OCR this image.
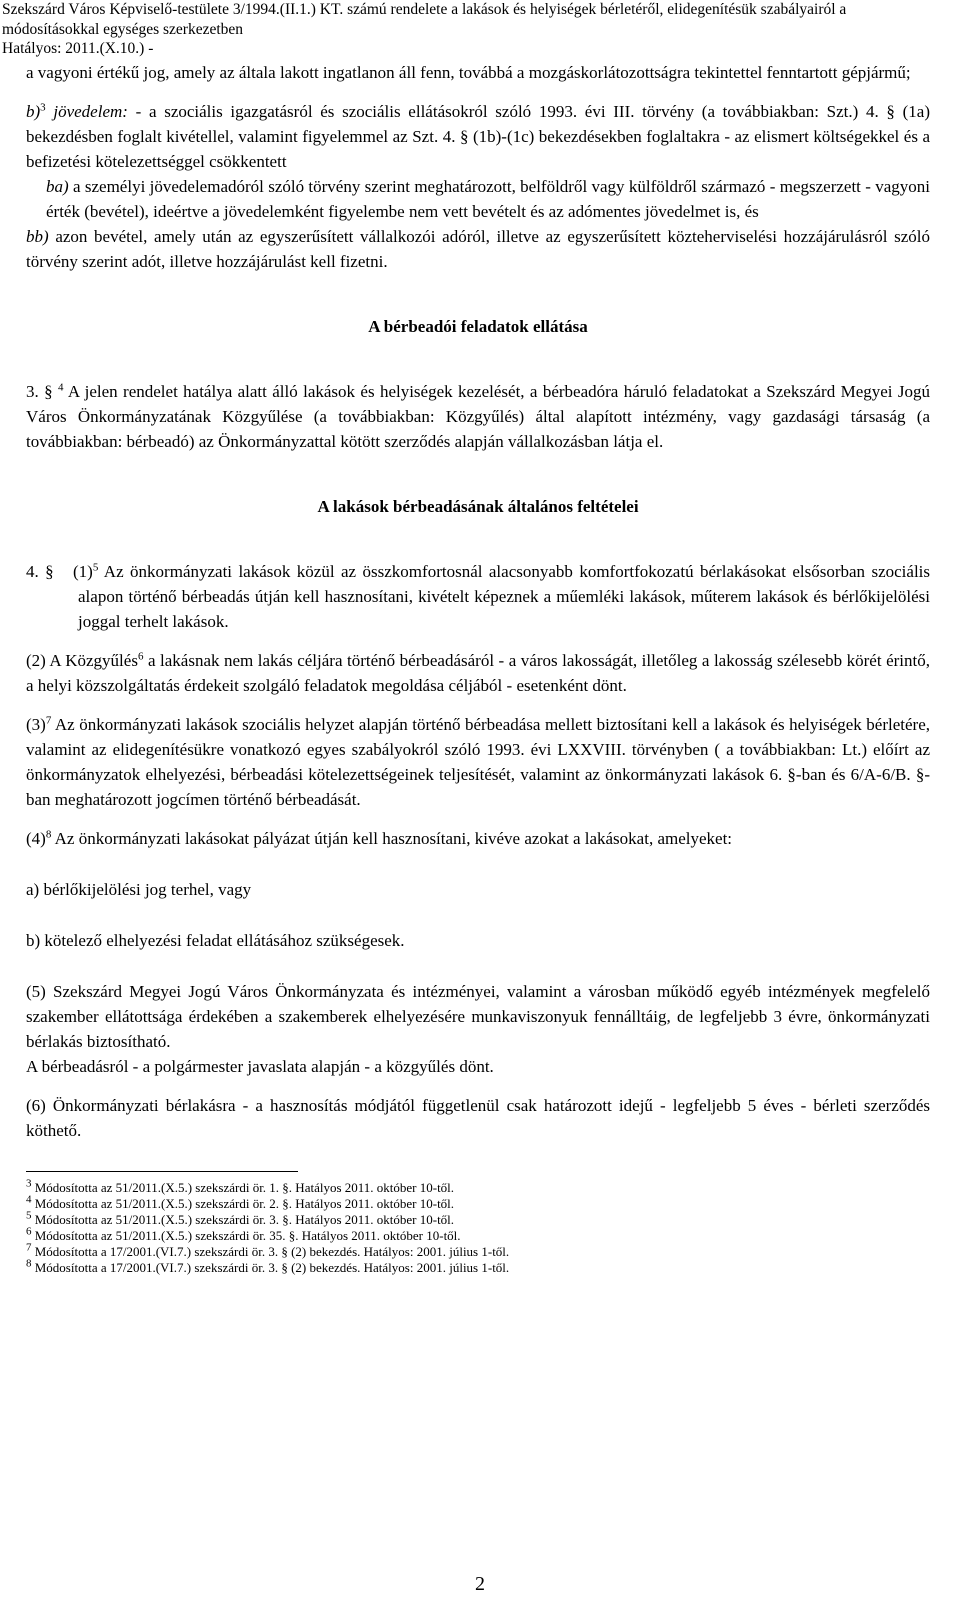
Szekszárd Város Képviselő-testülete 3/1994.(II.1.) KT. számú rendelete a lakások és helyiségek bérletéről, elidegenítésük szabályairól a
módosításokkal egységes szerkezetben
Hatályos: 2011.(X.10.) -

a vagyoni értékű jog, amely az általa lakott ingatlanon áll fenn, továbbá a mozgáskorlátozottságra tekintettel fenntartott gépjármű;

b)$^3$ jövedelem: - a szociális igazgatásról és szociális ellátásokról szóló 1993. évi III. törvény (a továbbiakban: Szt.) 4. § (1a) bekezdésben foglalt kivétellel, valamint figyelemmel az Szt. 4. § (1b)-(1c) bekezdésekben foglaltakra - az elismert költségekkel és a befizetési kötelezettséggel csökkentett

ba) a személyi jövedelemadóról szóló törvény szerint meghatározott, belföldről vagy külföldről származó - megszerzett - vagyoni érték (bevétel), ideértve a jövedelemként figyelembe nem vett bevételt és az adómentes jövedelmet is, és

bb) azon bevétel, amely után az egyszerűsített vállalkozói adóról, illetve az egyszerűsített közteherviselési hozzájárulásról szóló törvény szerint adót, illetve hozzájárulást kell fizetni.

A bérbeadói feladatok ellátása

3. § $^4$ A jelen rendelet hatálya alatt álló lakások és helyiségek kezelését, a bérbeadóra háruló feladatokat a Szekszárd Megyei Jogú Város Önkormányzatának Közgyűlése (a továbbiakban: Közgyűlés) által alapított intézmény, vagy gazdasági társaság (a továbbiakban: bérbeadó) az Önkormányzattal kötött szerződés alapján vállalkozásban látja el.

A lakások bérbeadásának általános feltételei

4. § $(1)^5$ Az önkormányzati lakások közül az összkomfortosnál alacsonyabb komfortfokozatú bérlakásokat elsősorban szociális alapon történő bérbeadás útján kell hasznosítani, kivételt képeznek a műemléki lakások, műterem lakások és bérlőkijelölési joggal terhelt lakások.

(2) A Közgyűlés$^6$ a lakásnak nem lakás céljára történő bérbeadásáról - a város lakosságát, illetőleg a lakosság szélesebb körét érintő, a helyi közszolgáltatás érdekeit szolgáló feladatok megoldása céljából - esetenként dönt.

$(3)^7$ Az önkormányzati lakások szociális helyzet alapján történő bérbeadása mellett biztosítani kell a lakások és helyiségek bérletére, valamint az elidegenítésükre vonatkozó egyes szabályokról szóló 1993. évi LXXVIII. törvényben ( a továbbiakban: Lt.) előírt az önkormányzatok elhelyezési, bérbeadási kötelezettségeinek teljesítését, valamint az önkormányzati lakások 6. §-ban és 6/A-6/B. §-ban meghatározott jogcímen történő bérbeadását.

$(4)^8$ Az önkormányzati lakásokat pályázat útján kell hasznosítani, kivéve azokat a lakásokat, amelyeket:

a) bérlőkijelölési jog terhel, vagy

b) kötelező elhelyezési feladat ellátásához szükségesek.

(5) Szekszárd Megyei Jogú Város Önkormányzata és intézményei, valamint a városban működő egyéb intézmények megfelelő szakember ellátottsága érdekében a szakemberek elhelyezésére munkaviszonyuk fennálltáig, de legfeljebb 3 évre, önkormányzati bérlakás biztosítható.

A bérbeadásról - a polgármester javaslata alapján - a közgyűlés dönt.

(6) Önkormányzati bérlakásra - a hasznosítás módjától függetlenül csak határozott idejű - legfeljebb 5 éves - bérleti szerződés köthető.

$^3$ Módosította az 51/2011.(X.5.) szekszárdi ör. 1. §. Hatályos 2011. október 10-től.
$^4$ Módosította az 51/2011.(X.5.) szekszárdi ör. 2. §. Hatályos 2011. október 10-től.
$^5$ Módosította az 51/2011.(X.5.) szekszárdi ör. 3. §. Hatályos 2011. október 10-től.
$^6$ Módosította az 51/2011.(X.5.) szekszárdi ör. 35. §. Hatályos 2011. október 10-től.
$^7$ Módosította a 17/2001.(VI.7.) szekszárdi ör. 3. § (2) bekezdés. Hatályos: 2001. július 1-től.
$^8$ Módosította a 17/2001.(VI.7.) szekszárdi ör. 3. § (2) bekezdés. Hatályos: 2001. július 1-től.
2
